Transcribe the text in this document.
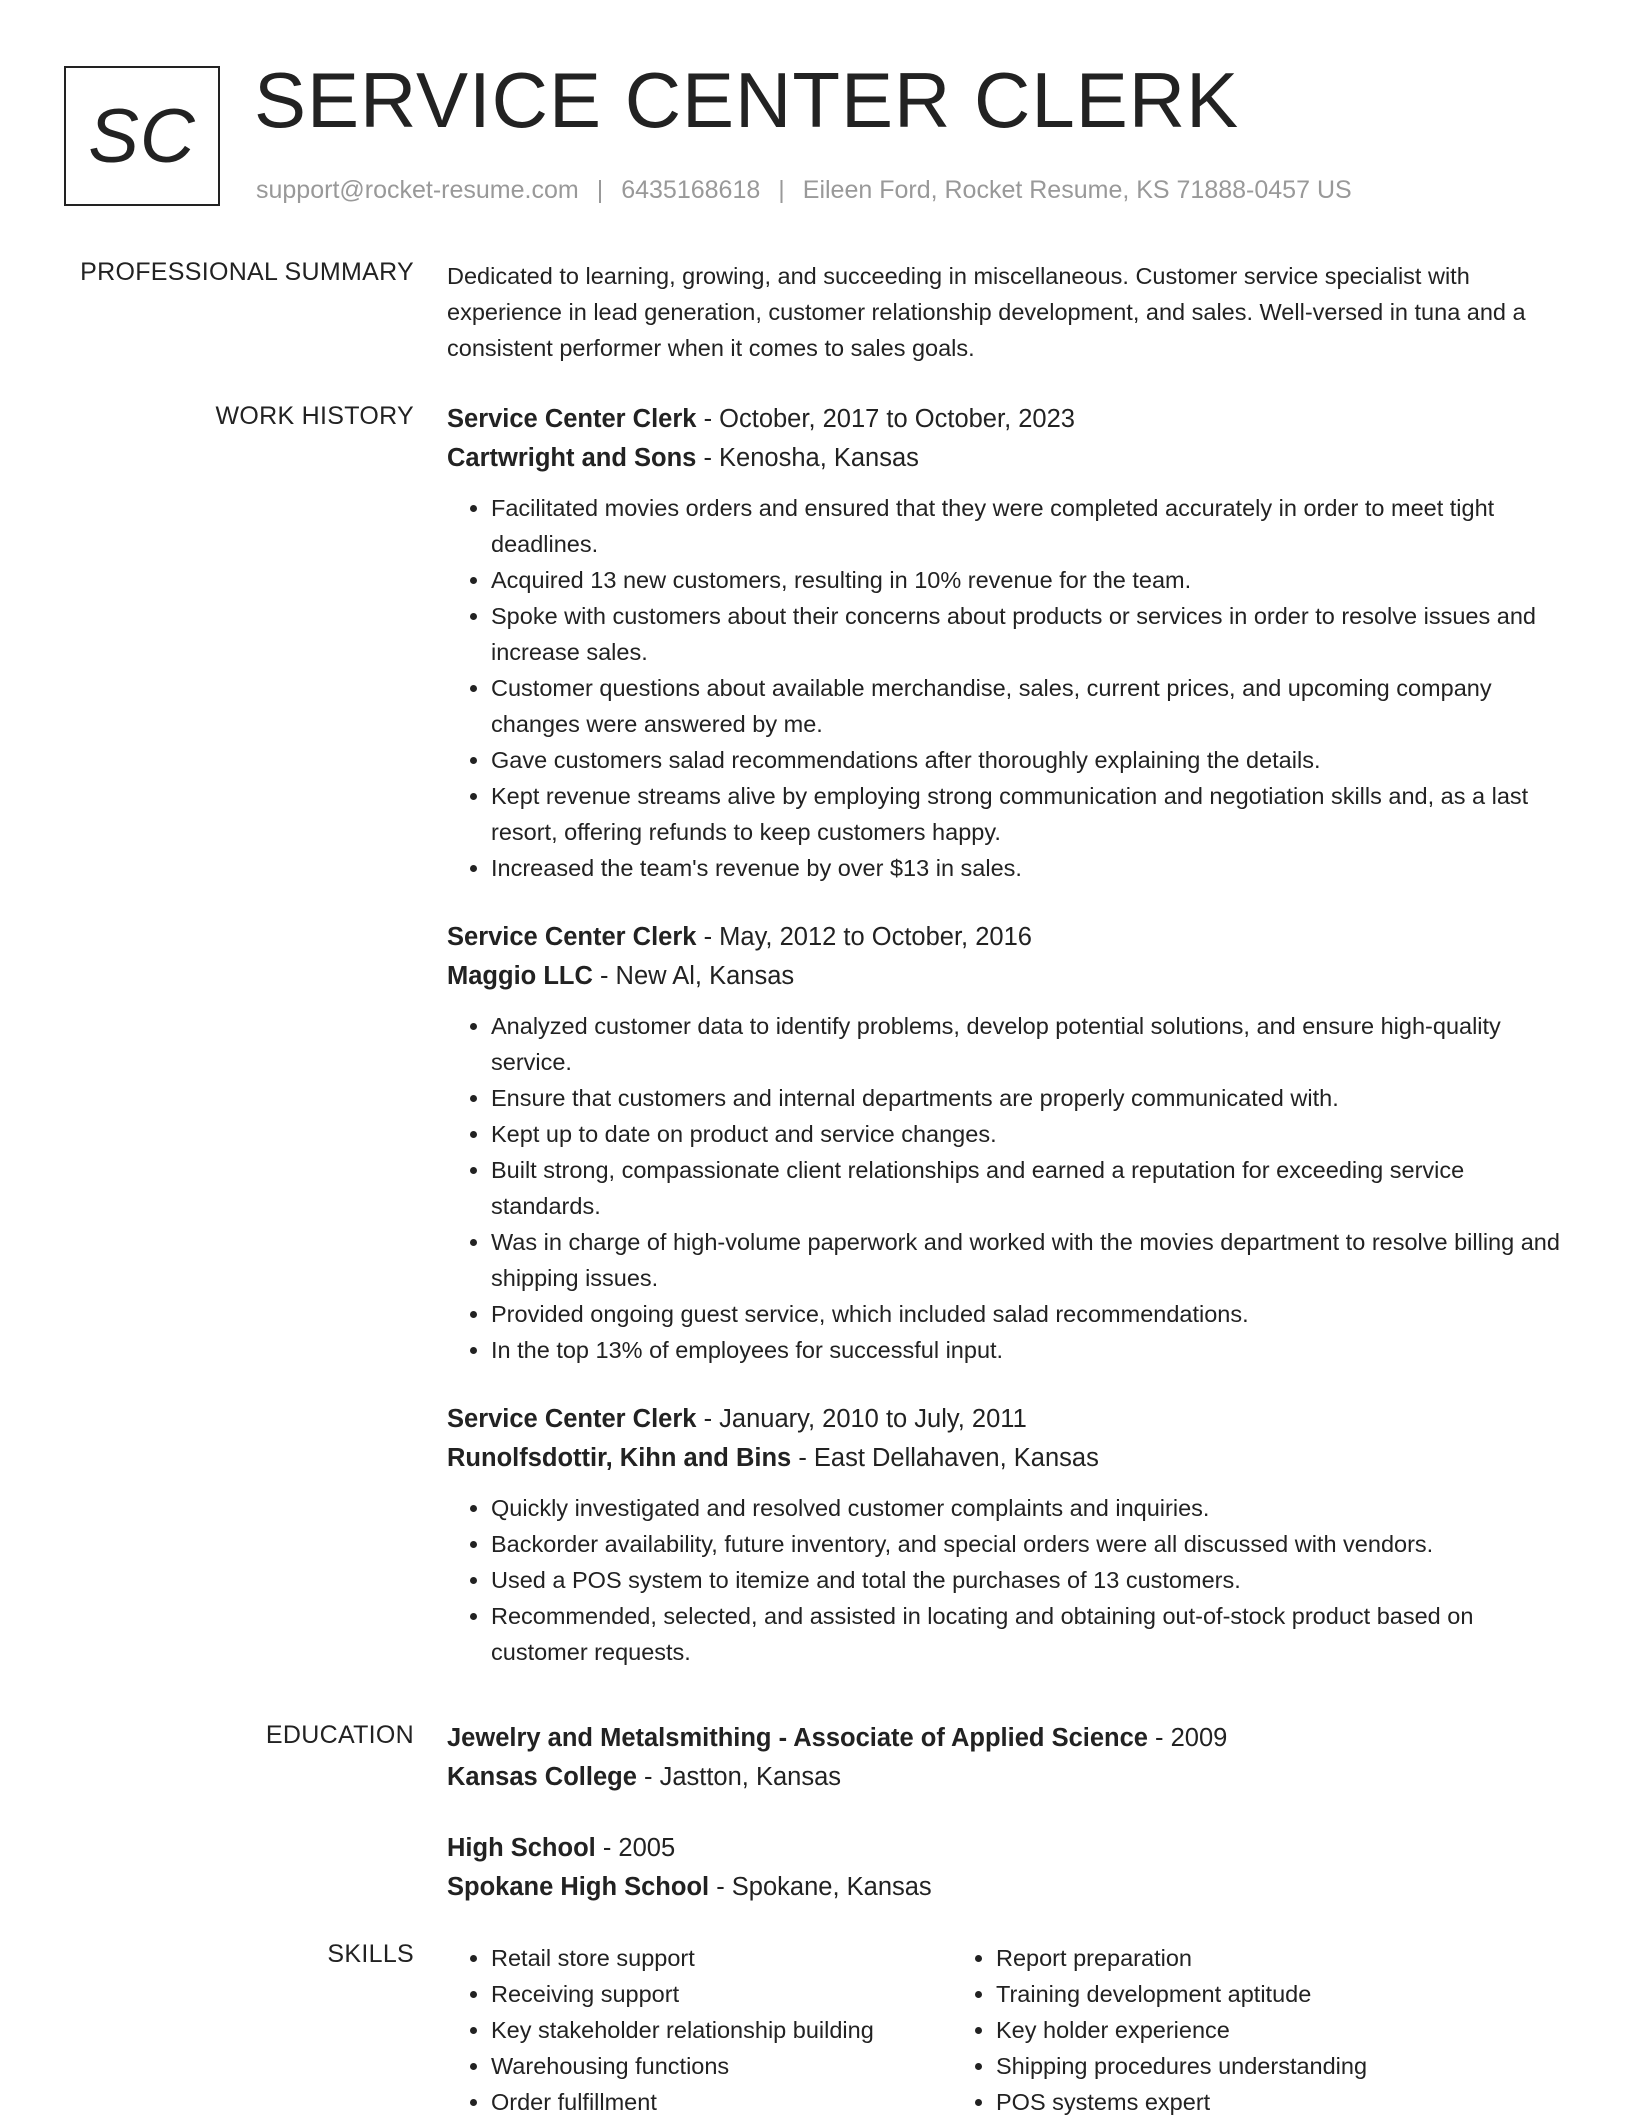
SC SERVICE CENTER CLERK
support@rocket-resume.com | 6435168618 | Eileen Ford, Rocket Resume, KS 71888-0457 US
PROFESSIONAL SUMMARY Dedicated to learning, growing, and succeeding in miscellaneous. Customer service specialist with experience in lead generation, customer relationship development, and sales. Well-versed in tuna and a consistent performer when it comes to sales goals.

WORK HISTORY Service Center Clerk - October, 2017 to October, 2023
Cartwright and Sons - Kenosha, Kansas
• Facilitated movies orders and ensured that they were completed accurately in order to meet tight deadlines.
• Acquired 13 new customers, resulting in 10% revenue for the team.
• Spoke with customers about their concerns about products or services in order to resolve issues and increase sales.
• Customer questions about available merchandise, sales, current prices, and upcoming company changes were answered by me.
• Gave customers salad recommendations after thoroughly explaining the details.
• Kept revenue streams alive by employing strong communication and negotiation skills and, as a last resort, offering refunds to keep customers happy.
• Increased the team's revenue by over $13 in sales.
Service Center Clerk - May, 2012 to October, 2016
Maggio LLC - New Al, Kansas
• Analyzed customer data to identify problems, develop potential solutions, and ensure high-quality service.
• Ensure that customers and internal departments are properly communicated with.
• Kept up to date on product and service changes.
• Built strong, compassionate client relationships and earned a reputation for exceeding service standards.
• Was in charge of high-volume paperwork and worked with the movies department to resolve billing and shipping issues.
• Provided ongoing guest service, which included salad recommendations.
• In the top 13% of employees for successful input.
Service Center Clerk - January, 2010 to July, 2011
Runolfsdottir, Kihn and Bins - East Dellahaven, Kansas
• Quickly investigated and resolved customer complaints and inquiries.
• Backorder availability, future inventory, and special orders were all discussed with vendors.
• Used a POS system to itemize and total the purchases of 13 customers.
• Recommended, selected, and assisted in locating and obtaining out-of-stock product based on customer requests.
EDUCATION Jewelry and Metalsmithing - Associate of Applied Science - 2009
Kansas College - Jastton, Kansas
High School - 2005
Spokane High School - Spokane, Kansas
SKILLS
•	Retail store support
• Receiving support
• Key stakeholder relationship building
• Warehousing functions
• Order fulfillment
• Report preparation
• Training development aptitude
• Key holder experience
• Shipping procedures understanding
• POS systems expert
